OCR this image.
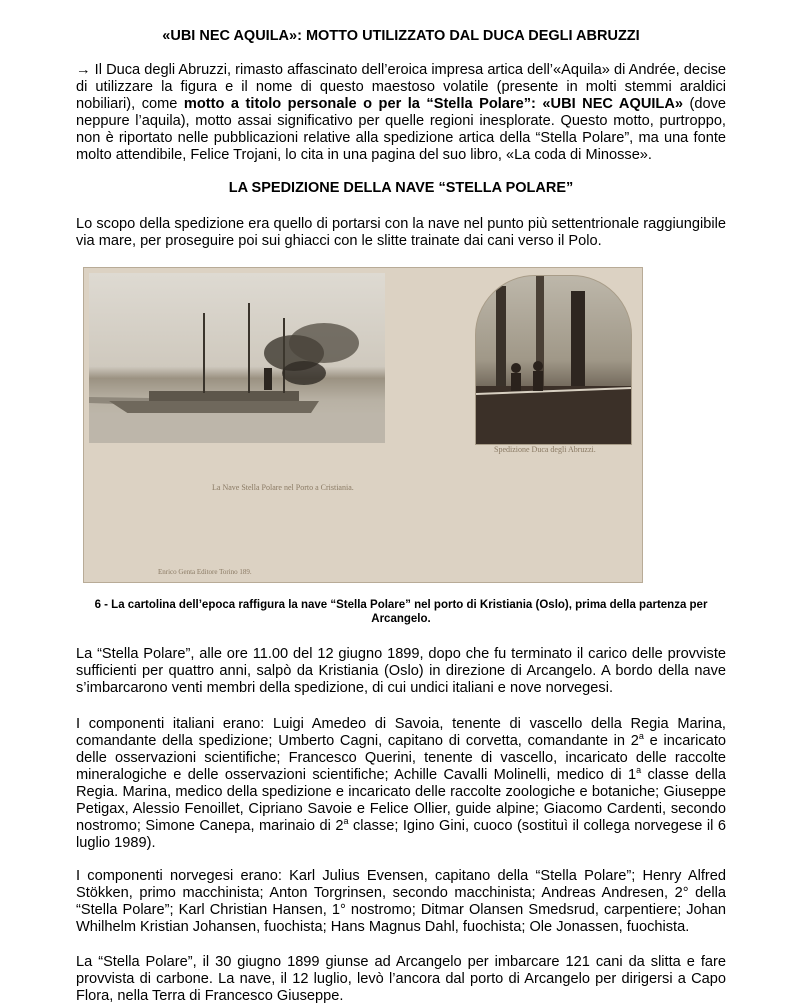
«UBI NEC AQUILA»: MOTTO UTILIZZATO DAL DUCA DEGLI ABRUZZI

→ Il Duca degli Abruzzi, rimasto affascinato dell’eroica impresa artica dell’«Aquila» di Andrée, decise di utilizzare la figura e il nome di questo maestoso volatile (presente in molti stemmi araldici nobiliari), come motto a titolo personale o per la “Stella Polare”: «UBI NEC AQUILA» (dove neppure l’aquila), motto assai significativo per quelle regioni inesplorate. Questo motto, purtroppo, non è riportato nelle pubblicazioni relative alla spedizione artica della “Stella Polare”, ma una fonte molto attendibile, Felice Trojani, lo cita in una pagina del suo libro, «La coda di Minosse».

LA SPEDIZIONE DELLA NAVE “STELLA POLARE”

Lo scopo della spedizione era quello di portarsi con la nave nel punto più settentrionale raggiungibile via mare, per proseguire poi sui ghiacci con le slitte trainate dai cani verso il Polo.

6 - La cartolina dell’epoca raffigura la nave “Stella Polare” nel porto di Kristiania (Oslo), prima della partenza per Arcangelo.

La “Stella Polare”, alle ore 11.00 del 12 giugno 1899, dopo che fu terminato il carico delle provviste sufficienti per quattro anni, salpò da Kristiania (Oslo) in direzione di Arcangelo. A bordo della nave s’imbarcarono venti membri della spedizione, di cui undici italiani e nove norvegesi.

I componenti italiani erano: Luigi Amedeo di Savoia, tenente di vascello della Regia Marina, comandante della spedizione; Umberto Cagni, capitano di corvetta, comandante in 2$^a$ e incaricato delle osservazioni scientifiche; Francesco Querini, tenente di vascello, incaricato delle raccolte mineralogiche e delle osservazioni scientifiche; Achille Cavalli Molinelli, medico di 1$^a$ classe della Regia. Marina, medico della spedizione e incaricato delle raccolte zoologiche e botaniche; Giuseppe Petigax, Alessio Fenoillet, Cipriano Savoie e Felice Ollier, guide alpine; Giacomo Cardenti, secondo nostromo; Simone Canepa, marinaio di 2$^a$ classe; Igino Gini, cuoco (sostituì il collega norvegese il 6 luglio 1989).

I componenti norvegesi erano: Karl Julius Evensen, capitano della “Stella Polare”; Henry Alfred Stökken, primo macchinista; Anton Torgrinsen, secondo macchinista; Andreas Andresen, 2° della “Stella Polare”; Karl Christian Hansen, 1° nostromo; Ditmar Olansen Smedsrud, carpentiere; Johan Whilhelm Kristian Johansen, fuochista; Hans Magnus Dahl, fuochista; Ole Jonassen, fuochista.

La “Stella Polare”, il 30 giugno 1899 giunse ad Arcangelo per imbarcare 121 cani da slitta e fare provvista di carbone. La nave, il 12 luglio, levò l’ancora dal porto di Arcangelo per dirigersi a Capo Flora, nella Terra di Francesco Giuseppe.

La Nave Stella Polare nel Porto a Cristiania.
Spedizione Duca degli Abruzzi.
Enrico Genta Editore Torino 189.
